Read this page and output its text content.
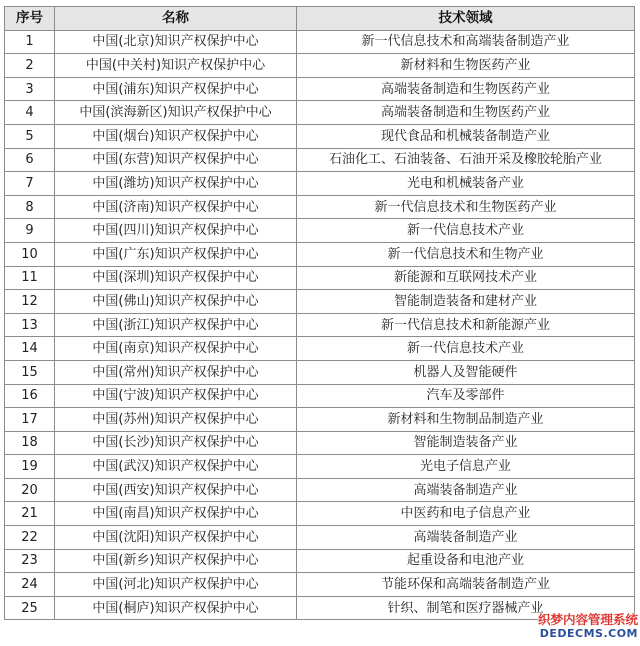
序号	名称	技术领域
1	中国(北京)知识产权保护中心	新一代信息技术和高端装备制造产业
2	中国(中关村)知识产权保护中心	新材料和生物医药产业
3	中国(浦东)知识产权保护中心	高端装备制造和生物医药产业
4	中国(滨海新区)知识产权保护中心	高端装备制造和生物医药产业
5	中国(烟台)知识产权保护中心	现代食品和机械装备制造产业
6	中国(东营)知识产权保护中心	石油化工、石油装备、石油开采及橡胶轮胎产业
7	中国(潍坊)知识产权保护中心	光电和机械装备产业
8	中国(济南)知识产权保护中心	新一代信息技术和生物医药产业
9	中国(四川)知识产权保护中心	新一代信息技术产业
10	中国(广东)知识产权保护中心	新一代信息技术和生物产业
11	中国(深圳)知识产权保护中心	新能源和互联网技术产业
12	中国(佛山)知识产权保护中心	智能制造装备和建材产业
13	中国(浙江)知识产权保护中心	新一代信息技术和新能源产业
14	中国(南京)知识产权保护中心	新一代信息技术产业
15	中国(常州)知识产权保护中心	机器人及智能硬件
16	中国(宁波)知识产权保护中心	汽车及零部件
17	中国(苏州)知识产权保护中心	新材料和生物制品制造产业
18	中国(长沙)知识产权保护中心	智能制造装备产业
19	中国(武汉)知识产权保护中心	光电子信息产业
20	中国(西安)知识产权保护中心	高端装备制造产业
21	中国(南昌)知识产权保护中心	中医药和电子信息产业
22	中国(沈阳)知识产权保护中心	高端装备制造产业
23	中国(新乡)知识产权保护中心	起重设备和电池产业
24	中国(河北)知识产权保护中心	节能环保和高端装备制造产业
25	中国(桐庐)知识产权保护中心	针织、制笔和医疗器械产业
织梦内容管理系统
DEDECMS.COM
